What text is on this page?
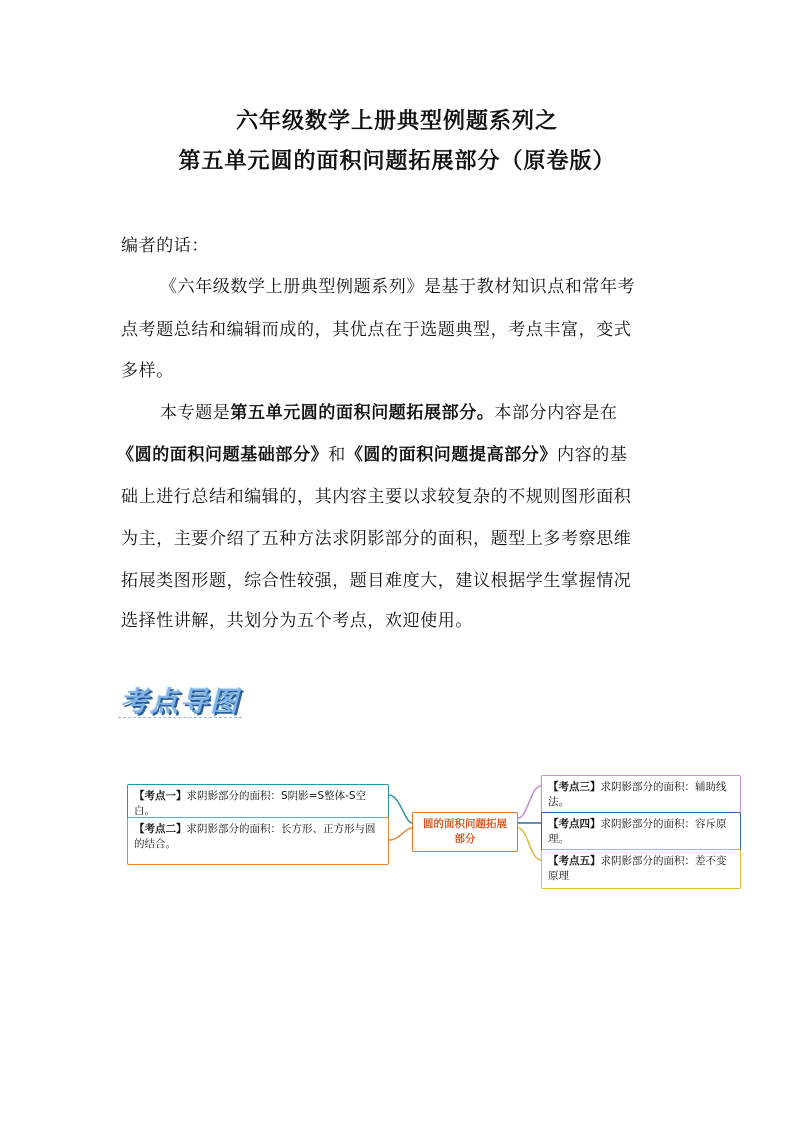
六年级数学上册典型例题系列之
第五单元圆的面积问题拓展部分（原卷版）
编者的话：
《六年级数学上册典型例题系列》是基于教材知识点和常年考
点考题总结和编辑而成的，其优点在于选题典型，考点丰富，变式
多样。
本专题是第五单元圆的面积问题拓展部分。本部分内容是在
《圆的面积问题基础部分》和《圆的面积问题提高部分》内容的基
础上进行总结和编辑的，其内容主要以求较复杂的不规则图形面积
为主，主要介绍了五种方法求阴影部分的面积，题型上多考察思维
拓展类图形题，综合性较强，题目难度大，建议根据学生掌握情况
选择性讲解，共划分为五个考点，欢迎使用。
考点导图
【考点一】求阴影部分的面积：S阴影=S整体-S空白。
【考点二】求阴影部分的面积：长方形、正方形与圆的结合。
圆的面积问题拓展部分
【考点三】求阴影部分的面积：辅助线法。
【考点四】求阴影部分的面积：容斥原理。
【考点五】求阴影部分的面积：差不变原理
